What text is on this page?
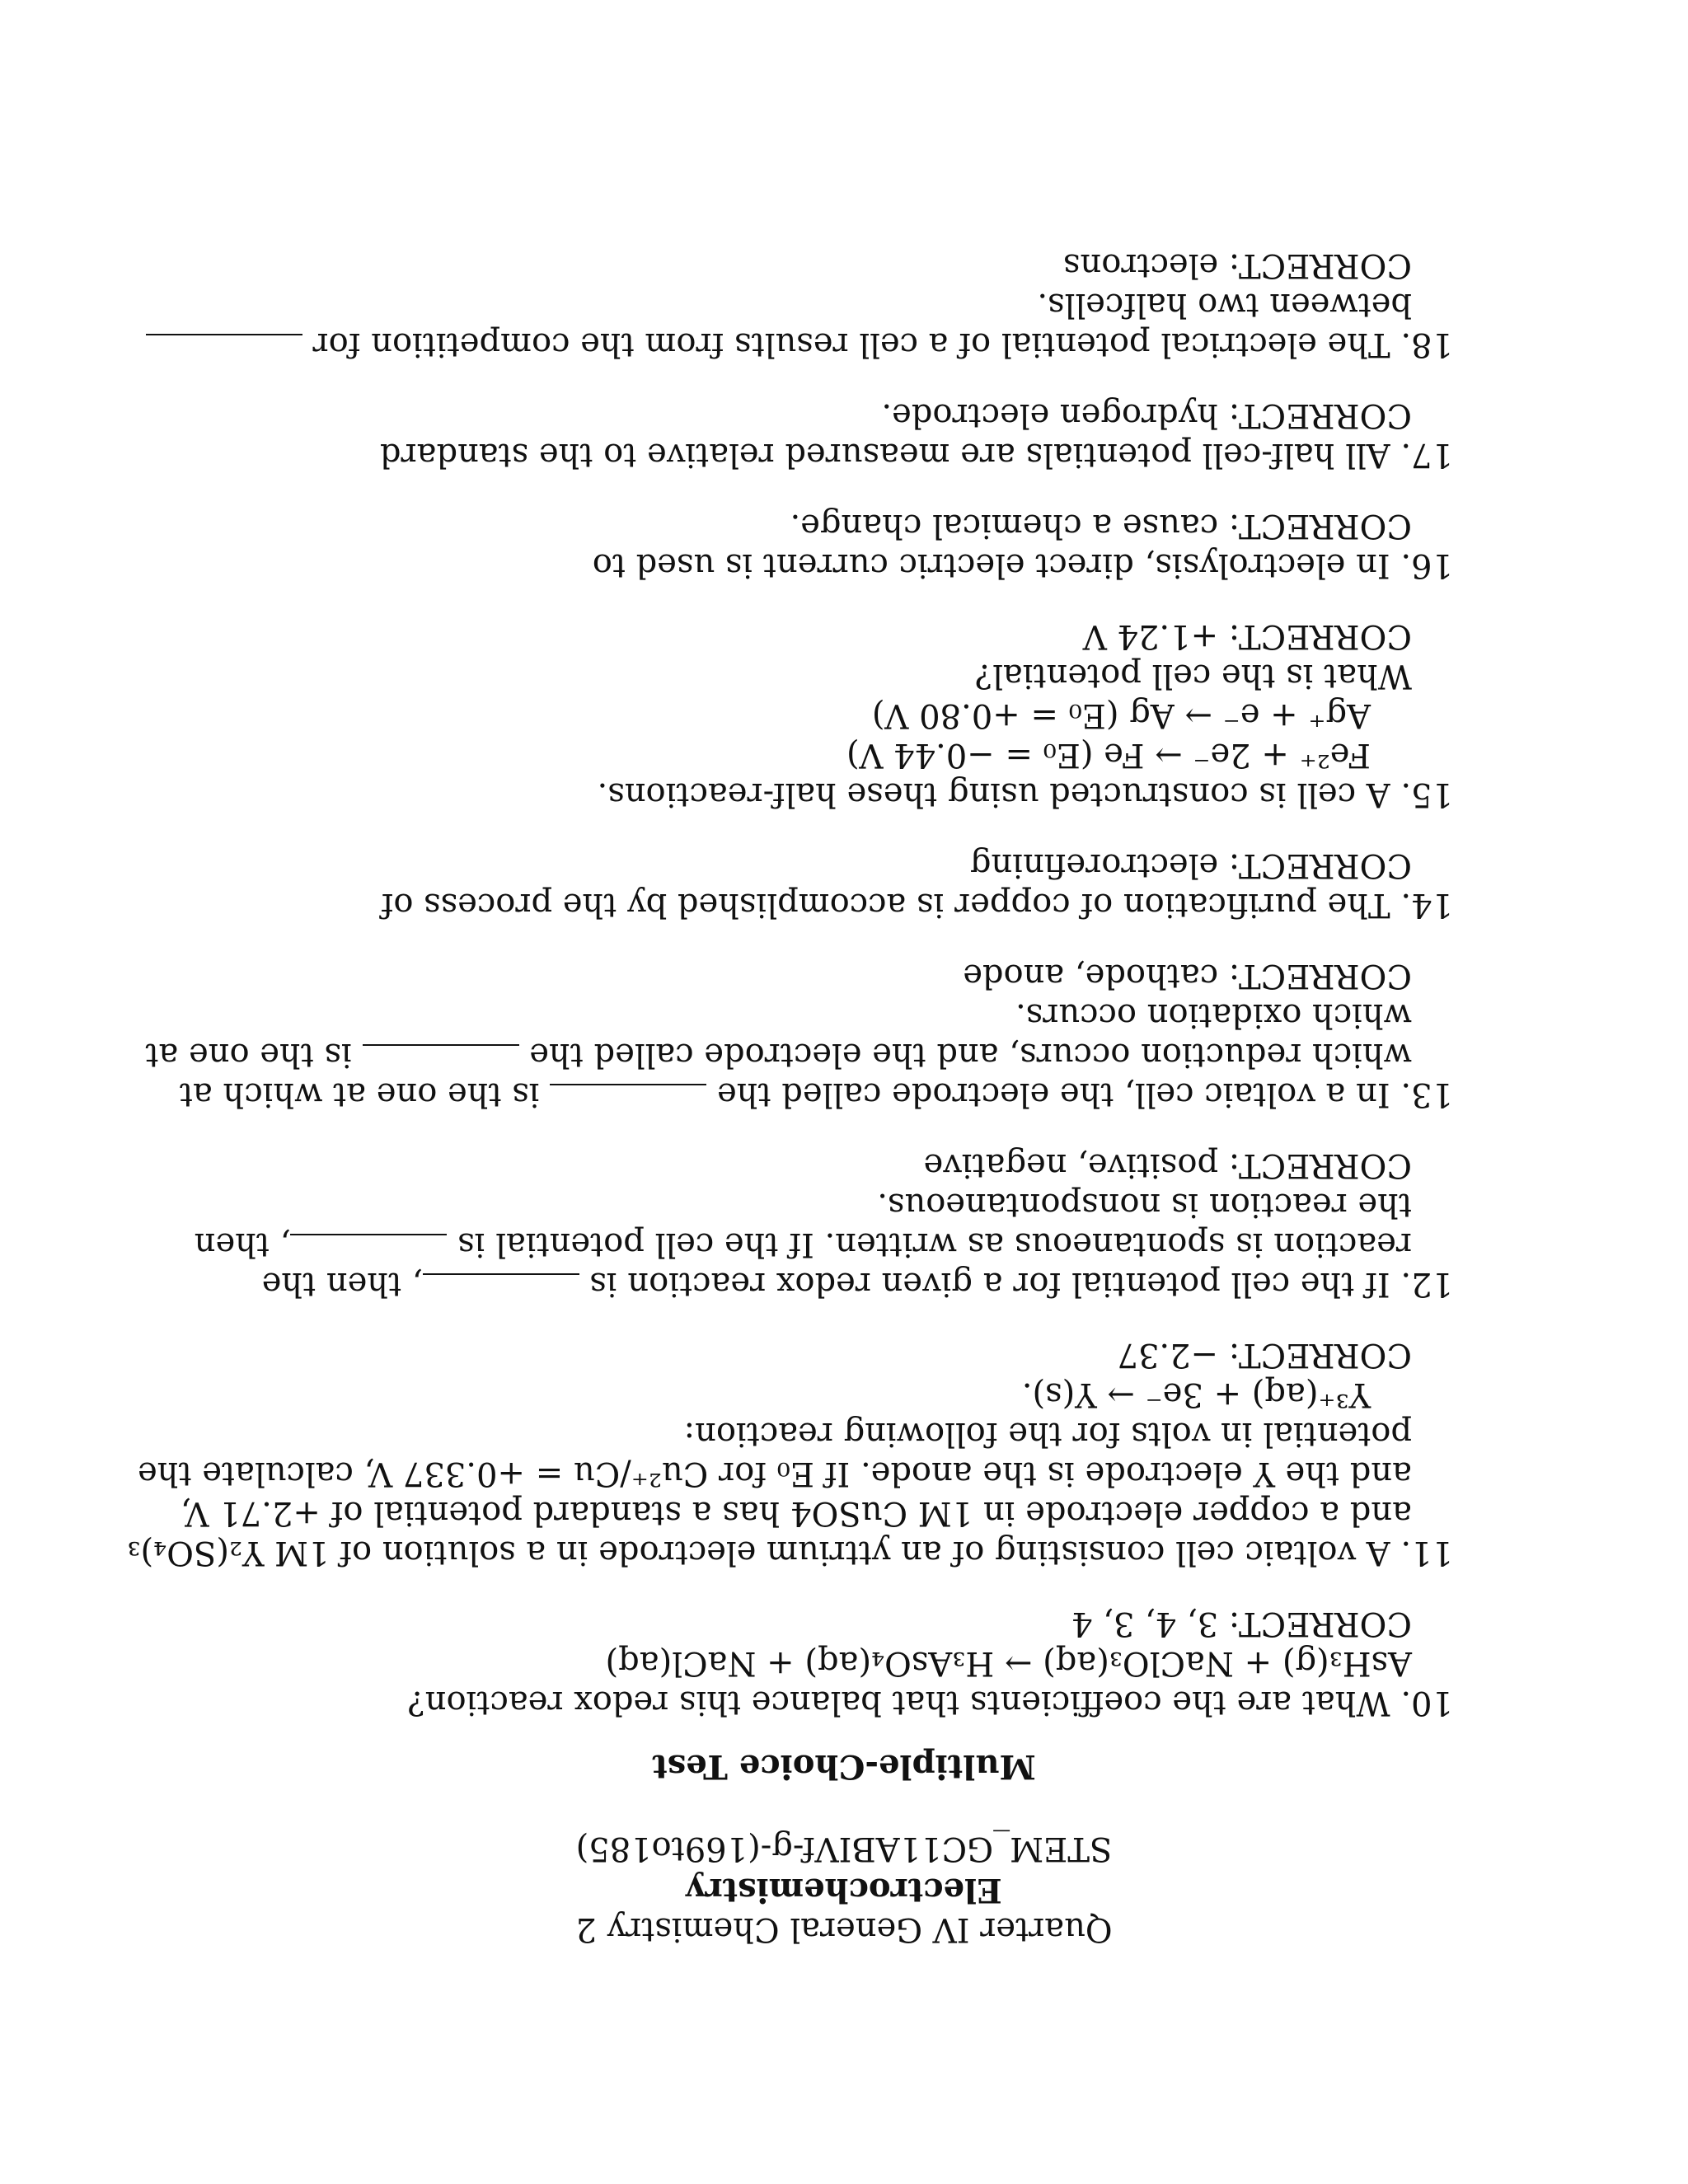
Quarter IV General Chemistry 2
Electrochemistry
STEM_GC11ABIVf-g-(169to185)
Multiple-Choice Test
10. What are the coefficients that balance this redox reaction?
AsH₃(g) + NaClO₃(aq) → H₃AsO₄(aq) + NaCl(aq)
CORRECT: 3, 4, 3, 4
11. A voltaic cell consisting of an yttrium electrode in a solution of 1M Y₂(SO₄)₃
and a copper electrode in 1M CuSO4 has a standard potential of +2.71 V,
and the Y electrode is the anode. If E₀ for Cu²⁺/Cu = +0.337 V, calculate the
potential in volts for the following reaction:
Y³⁺(aq) + 3e⁻ → Y(s).
CORRECT: −2.37
12. If the cell potential for a given redox reaction is , then the
reaction is spontaneous as written. If the cell potential is , then
the reaction is nonspontaneous.
CORRECT: positive, negative
13. In a voltaic cell, the electrode called the  is the one at which at
which reduction occurs, and the electrode called the  is the one at
which oxidation occurs.
CORRECT: cathode, anode
14. The purification of copper is accomplished by the process of
CORRECT: electrorefining
15. A cell is constructed using these half-reactions.
Fe²⁺ + 2e⁻ → Fe (E₀ = −0.44 V)
Ag⁺ + e⁻ → Ag (E₀ = +0.80 V)
What is the cell potential?
CORRECT: +1.24 V
16. In electrolysis, direct electric current is used to
CORRECT: cause a chemical change.
17. All half-cell potentials are measured relative to the standard
CORRECT: hydrogen electrode.
18. The electrical potential of a cell results from the competition for
between two halfcells.
CORRECT: electrons
